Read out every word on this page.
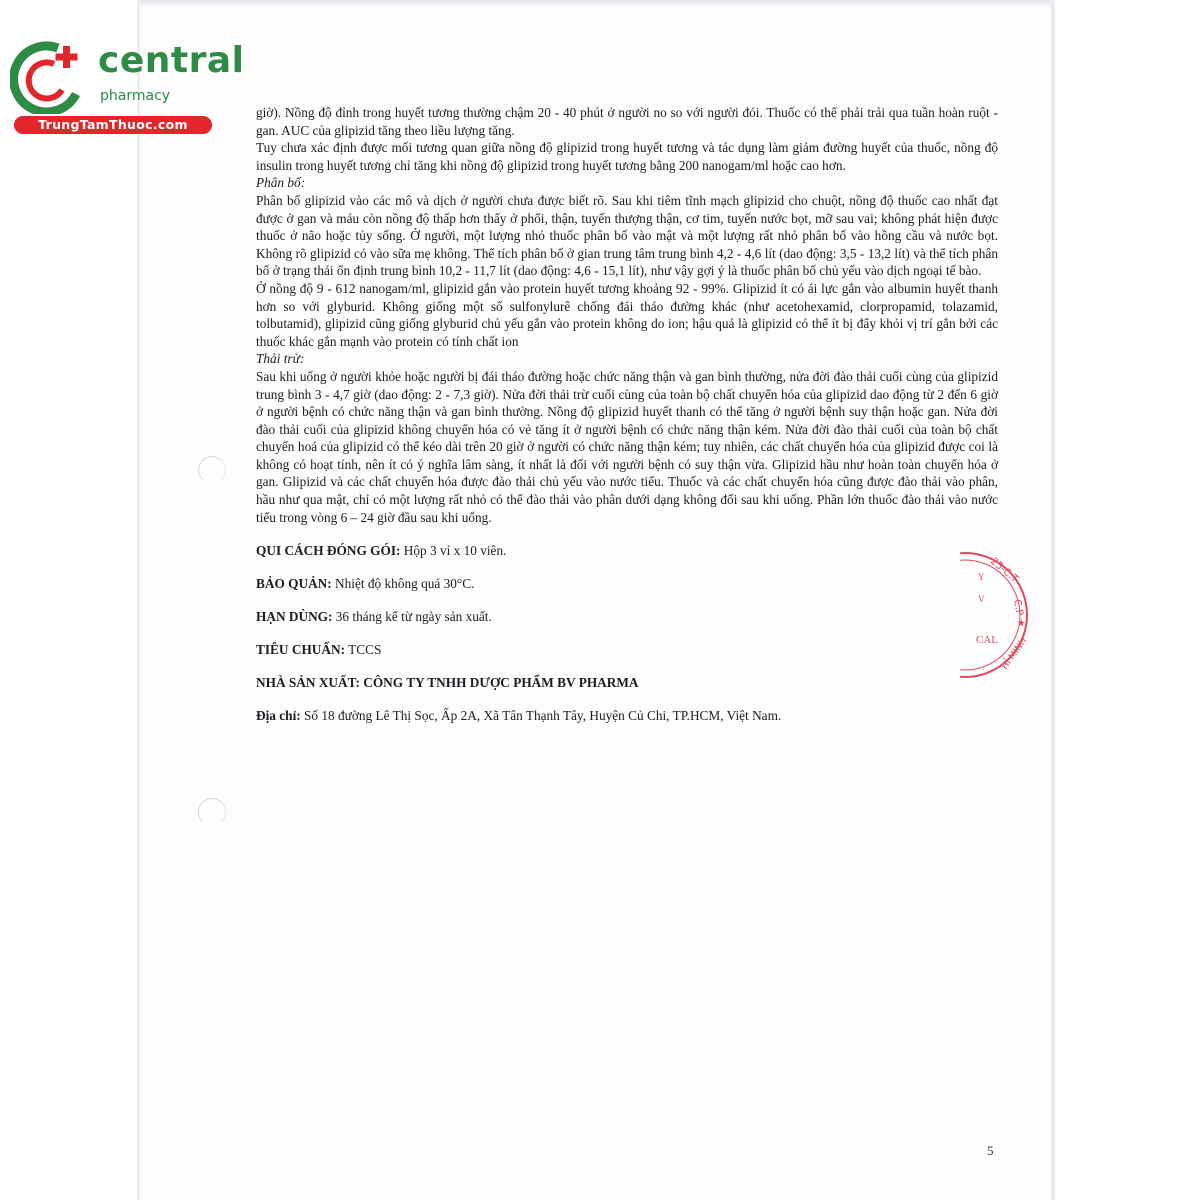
central
pharmacy
TrungTamThuoc.com

giờ). Nồng độ đỉnh trong huyết tương thường chậm 20 - 40 phút ở người no so với người đói. Thuốc có thể phải trải qua tuần hoàn ruột - gan. AUC của glipizid tăng theo liều lượng tăng.

Tuy chưa xác định được mối tương quan giữa nồng độ glipizid trong huyết tương và tác dụng làm giảm đường huyết của thuốc, nồng độ insulin trong huyết tương chỉ tăng khi nồng độ glipizid trong huyết tương bằng 200 nanogam/ml hoặc cao hơn.

Phân bố:

Phân bố glipizid vào các mô và dịch ở người chưa được biết rõ. Sau khi tiêm tĩnh mạch glipizid cho chuột, nồng độ thuốc cao nhất đạt được ở gan và máu còn nồng độ thấp hơn thấy ở phổi, thận, tuyến thượng thận, cơ tim, tuyến nước bọt, mỡ sau vai; không phát hiện được thuốc ở não hoặc tủy sống. Ở người, một lượng nhỏ thuốc phân bố vào mật và một lượng rất nhỏ phân bố vào hồng cầu và nước bọt. Không rõ glipizid có vào sữa mẹ không. Thể tích phân bố ở gian trung tâm trung bình 4,2 - 4,6 lít (dao động: 3,5 - 13,2 lít) và thể tích phân bố ở trạng thái ổn định trung bình 10,2 - 11,7 lít (dao động: 4,6 - 15,1 lít), như vậy gợi ý là thuốc phân bố chủ yếu vào dịch ngoại tế bào.

Ở nồng độ 9 - 612 nanogam/ml, glipizid gắn vào protein huyết tương khoảng 92 - 99%. Glipizid ít có ái lực gắn vào albumin huyết thanh hơn so với glyburid. Không giống một số sulfonylurê chống đái tháo đường khác (như acetohexamid, clorpropamid, tolazamid, tolbutamid), glipizid cũng giống glyburid chủ yếu gắn vào protein không do ion; hậu quả là glipizid có thể ít bị đẩy khỏi vị trí gắn bởi các thuốc khác gắn mạnh vào protein có tính chất ion

Thải trừ:

Sau khi uống ở người khỏe hoặc người bị đái tháo đường hoặc chức năng thận và gan bình thường, nửa đời đào thải cuối cùng của glipizid trung bình 3 - 4,7 giờ (dao động: 2 - 7,3 giờ). Nửa đời thải trừ cuối cùng của toàn bộ chất chuyển hóa của glipizid dao động từ 2 đến 6 giờ ở người bệnh có chức năng thận và gan bình thường. Nồng độ glipizid huyết thanh có thể tăng ở người bệnh suy thận hoặc gan. Nửa đời đào thải cuối của glipizid không chuyển hóa có vẻ tăng ít ở người bệnh có chức năng thận kém. Nửa đời đào thải cuối của toàn bộ chất chuyển hoá của glipizid có thể kéo dài trên 20 giờ ở người có chức năng thận kém; tuy nhiên, các chất chuyển hóa của glipizid được coi là không có hoạt tính, nên ít có ý nghĩa lâm sàng, ít nhất là đối với người bệnh có suy thận vừa. Glipizid hầu như hoàn toàn chuyển hóa ở gan. Glipizid và các chất chuyển hóa được đào thải chủ yếu vào nước tiểu. Thuốc và các chất chuyển hóa cũng được đào thải vào phân, hầu như qua mật, chỉ có một lượng rất nhỏ có thể đào thải vào phân dưới dạng không đổi sau khi uống. Phần lớn thuốc đào thải vào nước tiểu trong vòng 6 – 24 giờ đầu sau khi uống.

QUI CÁCH ĐÓNG GÓI: Hộp 3 vỉ x 10 viên.
BẢO QUẢN: Nhiệt độ không quá 30°C.
HẠN DÙNG: 36 tháng kể từ ngày sản xuất.
TIÊU CHUẨN: TCCS
NHÀ SẢN XUẤT: CÔNG TY TNHH DƯỢC PHẨM BV PHARMA
Địa chỉ: Số 18 đường Lê Thị Sọc, Ấp 2A, Xã Tân Thạnh Tây, Huyện Củ Chi, TP.HCM, Việt Nam.
25-C.T
C.P ★
HỈ MINH
Y
V
CAL
5
